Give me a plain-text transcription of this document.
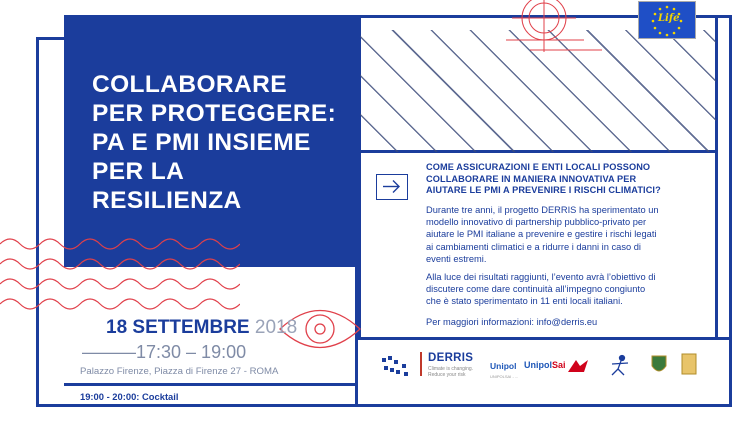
Life
COLLABORARE
PER PROTEGGERE:
PA E PMI INSIEME
PER LA
RESILIENZA
COME ASSICURAZIONI E ENTI LOCALI POSSONO
COLLABORARE IN MANIERA INNOVATIVA PER
AIUTARE LE PMI A PREVENIRE I RISCHI CLIMATICI?
Durante tre anni, il progetto DERRIS ha sperimentato un
modello innovativo di partnership pubblico-privato per
aiutare le PMI italiane a prevenire e gestire i rischi legati
ai cambiamenti climatici e a ridurre i danni in caso di
eventi estremi.
Alla luce dei risultati raggiunti, l’evento avrà l’obiettivo di
discutere come dare continuità all’impegno congiunto
che è stato sperimentato in 11 enti locali italiani.
Per maggiori informazioni: info@derris.eu
18 SETTEMBRE 2018
———17:30 – 19:00
Palazzo Firenze, Piazza di Firenze 27 - ROMA
19:00 - 20:00: Cocktail
DERRIS
Climate is changing. Reduce your risk
Unipol UnipolSai
UNIPOLSAI - ...
